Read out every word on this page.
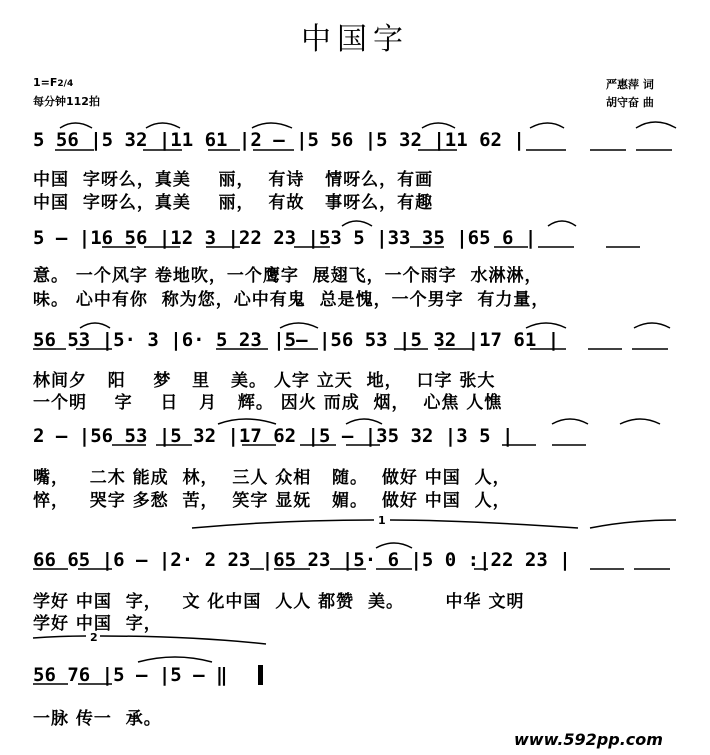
中国字
1=F2/4
每分钟112拍
严惠萍 词
胡守奋 曲
5 56 |5 32 |11 61 |2 — |5 56 |5 32 |11 62 |
中国  字呀么，真美    丽，  有诗   情呀么，有画
中国  字呀么，真美    丽，  有故   事呀么，有趣
5 — |16 56 |12 3 |22 23 |53 5 |33 35 |65 6 |
意。 一个风字 卷地吹，一个鹰字  展翅飞，一个雨字  水淋淋，
味。 心中有你  称为您，心中有鬼  总是愧，一个男字  有力量，
56 53 |5· 3 |6· 5 23 |5— |56 53 |5 32 |17 61 |
林间夕   阳    梦   里   美。 人字 立天  地，  口字 张大
一个明    字    日   月   辉。 因火 而成  烟，  心焦 人憔
2 — |56 53 |5 32 |17 62 |5 — |35 32 |3 5 |
嘴，   二木 能成  林，  三人 众相   随。  做好 中国  人，
悴，   哭字 多愁  苦，  笑字 显妩   媚。  做好 中国  人，
1
66 65 |6 — |2· 2 23 |65 23 |5· 6 |5 0 :|22 23 |
学好 中国  字，   文 化中国  人人 都赞  美。      中华 文明
学好 中国  字，
2
56 76 |5 — |5 — ‖
一脉 传一  承。
www.592pp.com
